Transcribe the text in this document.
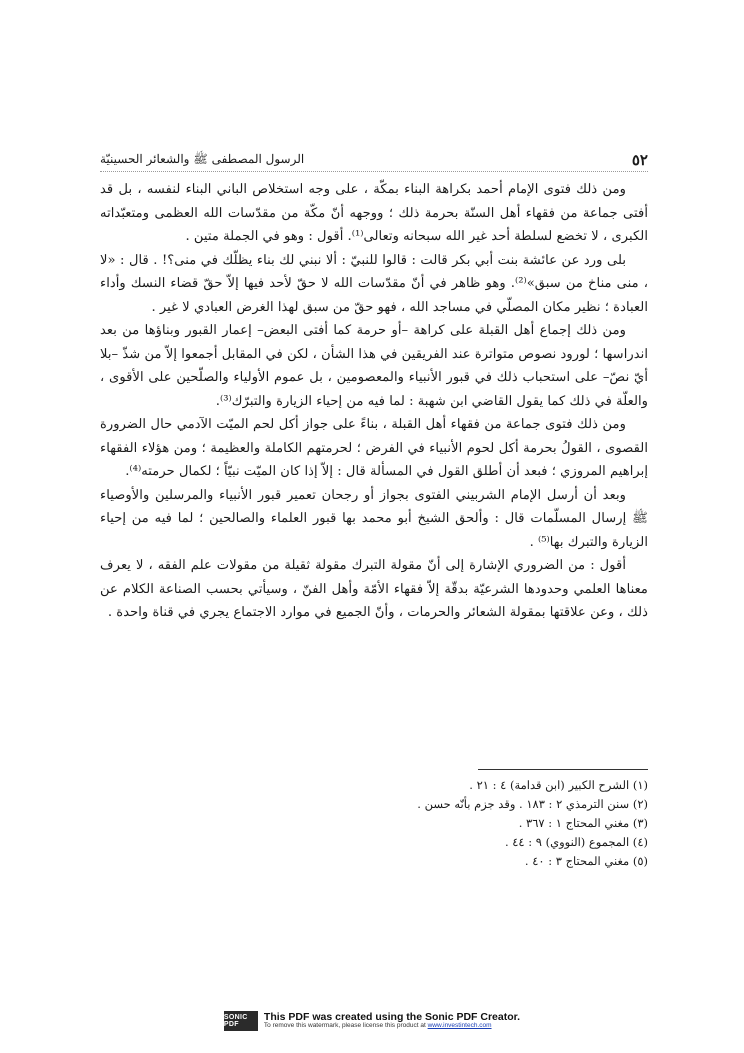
٥٢
الرسول المصطفى ﷺ والشعائر الحسينيّة

ومن ذلك فتوى الإمام أحمد بكراهة البناء بمكّة ، على وجه استخلاص الباني البناء لنفسه ، بل قد أفتى جماعة من فقهاء أهل السنّة بحرمة ذلك ؛ ووجهه أنّ مكّة من مقدّسات الله العظمى ومتعبّداته الكبرى ، لا تخضع لسلطة أحد غير الله سبحانه وتعالى⁽¹⁾. أقول : وهو في الجملة متين .

بلى ورد عن عائشة بنت أبي بكر قالت : قالوا للنبيّ : ألا نبني لك بناء يظلّك في منى؟! . قال : «لا ، منى مناخ من سبق»⁽²⁾. وهو ظاهر في أنّ مقدّسات الله لا حقّ لأحد فيها إلاّ حقّ قضاء النسك وأداء العبادة ؛ نظير مكان المصلّي في مساجد الله ، فهو حقّ من سبق لهذا الغرض العبادي لا غير .

ومن ذلك إجماع أهل القبلة على كراهة –أو حرمة كما أفتى البعض– إعمار القبور وبناؤها من بعد اندراسها ؛ لورود نصوص متواترة عند الفريقين في هذا الشأن ، لكن في المقابل أجمعوا إلاّ من شذّ –بلا أيّ نصّ– على استحباب ذلك في قبور الأنبياء والمعصومين ، بل عموم الأولياء والصلّحين على الأقوى ، والعلّة في ذلك كما يقول القاضي ابن شهبة : لما فيه من إحياء الزيارة والتبرّك⁽³⁾.

ومن ذلك فتوى جماعة من فقهاء أهل القبلة ، بناءً على جواز أكل لحم الميّت الآدمي حال الضرورة القصوى ، القولُ بحرمة أكل لحوم الأنبياء في الفرض ؛ لحرمتهم الكاملة والعظيمة ؛ ومن هؤلاء الفقهاء إبراهيم المروزي ؛ فبعد أن أطلق القول في المسألة قال : إلاّ إذا كان الميّت نبيّاً ؛ لكمال حرمته⁽⁴⁾.

وبعد أن أرسل الإمام الشربيني الفتوى بجواز أو رجحان تعمير قبور الأنبياء والمرسلين والأوصياء ﷺ إرسال المسلّمات قال : وألحق الشيخ أبو محمد بها قبور العلماء والصالحين ؛ لما فيه من إحياء الزيارة والتبرك بها⁽⁵⁾ .

أقول : من الضروري الإشارة إلى أنّ مقولة التبرك مقولة ثقيلة من مقولات علم الفقه ، لا يعرف معناها العلمي وحدودها الشرعيّة بدقّة إلاّ فقهاء الأمّة وأهل الفنّ ، وسيأتي بحسب الصناعة الكلام عن ذلك ، وعن علاقتها بمقولة الشعائر والحرمات ، وأنّ الجميع في موارد الاجتماع يجري في قناة واحدة .

(١) الشرح الكبير (ابن قدامة) ٤ : ٢١ .

(٢) سنن الترمذي ٢ : ١٨٣ . وقد جزم بأنّه حسن .

(٣) مغني المحتاج ١ : ٣٦٧ .

(٤) المجموع (النووي) ٩ : ٤٤ .

(٥) مغني المحتاج ٣ : ٤٠ .

SONIC PDF
This PDF was created using the Sonic PDF Creator.
To remove this watermark, please license this product at www.investintech.com
